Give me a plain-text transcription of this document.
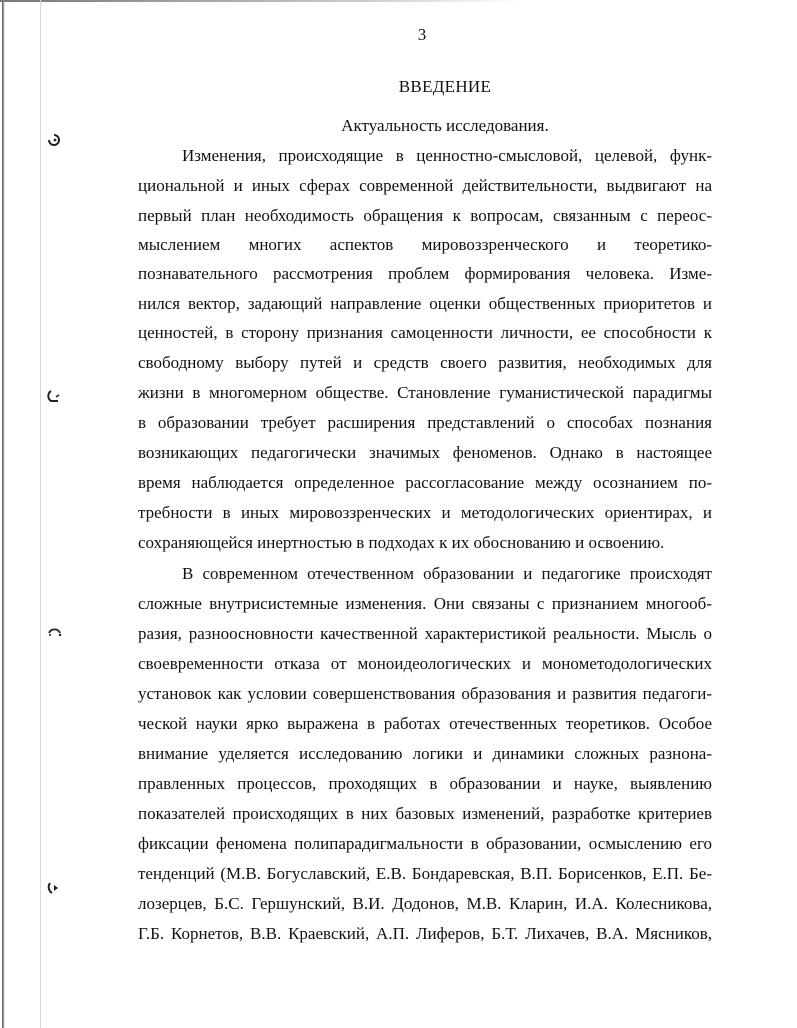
3
ВВЕДЕНИЕ
Актуальность исследования.
Изменения, происходящие в ценностно-смысловой, целевой, функ-
циональной и иных сферах современной действительности, выдвигают на
первый план необходимость обращения к вопросам, связанным с переос-
мыслением многих аспектов мировоззренческого и теоретико-
познавательного рассмотрения проблем формирования человека. Изме-
нился вектор, задающий направление оценки общественных приоритетов и
ценностей, в сторону признания самоценности личности, ее способности к
свободному выбору путей и средств своего развития, необходимых для
жизни в многомерном обществе. Становление гуманистической парадигмы
в образовании требует расширения представлений о способах познания
возникающих педагогически значимых феноменов. Однако в настоящее
время наблюдается определенное рассогласование между осознанием по-
требности в иных мировоззренческих и методологических ориентирах, и
сохраняющейся инертностью в подходах к их обоснованию и освоению.
В современном отечественном образовании и педагогике происходят
сложные внутрисистемные изменения. Они связаны с признанием многооб-
разия, разноосновности качественной характеристикой реальности. Мысль о
своевременности отказа от моноидеологических и монометодологических
установок как условии совершенствования образования и развития педагоги-
ческой науки ярко выражена в работах отечественных теоретиков. Особое
внимание уделяется исследованию логики и динамики сложных разнона-
правленных процессов, проходящих в образовании и науке, выявлению
показателей происходящих в них базовых изменений, разработке критериев
фиксации феномена полипарадигмальности в образовании, осмыслению его
тенденций (М.В. Богуславский, Е.В. Бондаревская, В.П. Борисенков, Е.П. Бе-
лозерцев, Б.С. Гершунский, В.И. Додонов, М.В. Кларин, И.А. Колесникова,
Г.Б. Корнетов, В.В. Краевский, А.П. Лиферов, Б.Т. Лихачев, В.А. Мясников,
